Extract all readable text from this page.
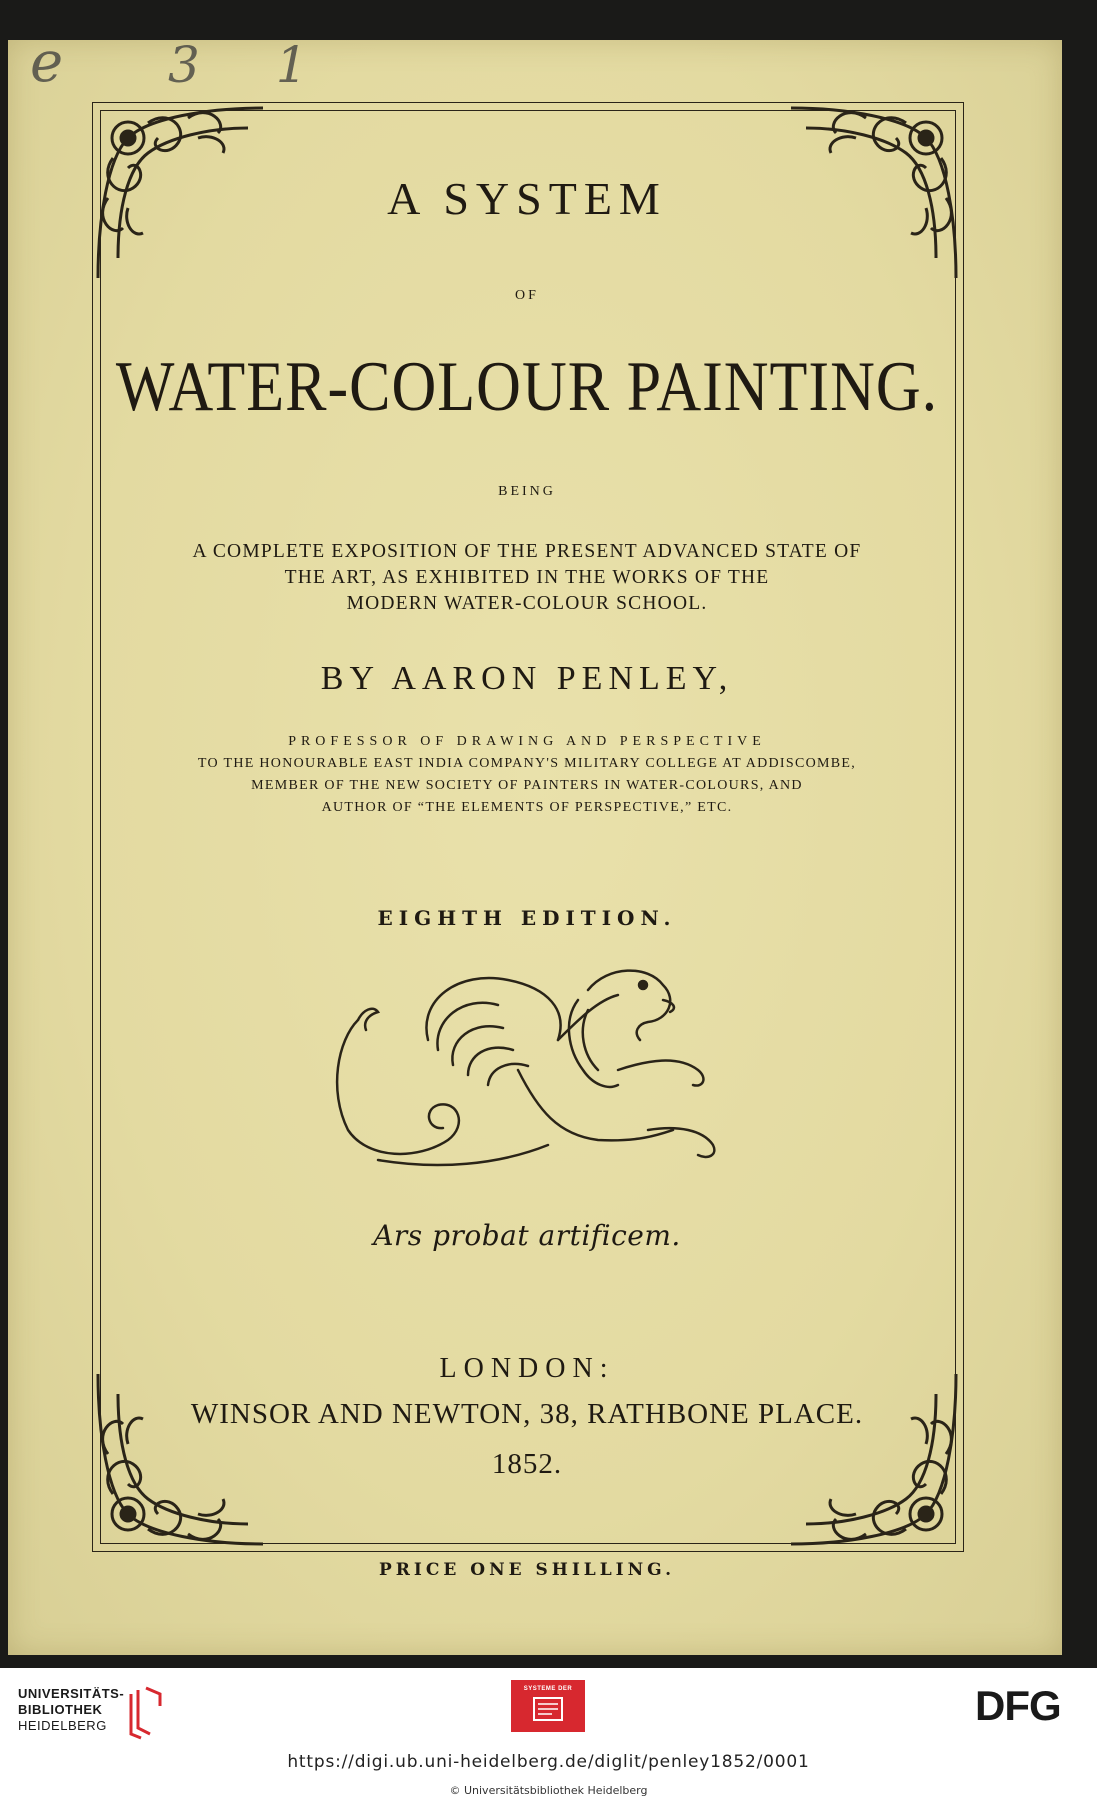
e 3 1
A SYSTEM
OF
WATER-COLOUR PAINTING.
BEING
A COMPLETE EXPOSITION OF THE PRESENT ADVANCED STATE OF
THE ART, AS EXHIBITED IN THE WORKS OF THE
MODERN WATER-COLOUR SCHOOL.
BY AARON PENLEY,
PROFESSOR OF DRAWING AND PERSPECTIVE
TO THE HONOURABLE EAST INDIA COMPANY'S MILITARY COLLEGE AT ADDISCOMBE,
MEMBER OF THE NEW SOCIETY OF PAINTERS IN WATER-COLOURS, AND
AUTHOR OF “THE ELEMENTS OF PERSPECTIVE,” ETC.
EIGHTH EDITION.
Ars probat artificem.
LONDON:
WINSOR AND NEWTON, 38, RATHBONE PLACE.
1852.
PRICE ONE SHILLING.
UNIVERSITÄTS-
BIBLIOTHEK
HEIDELBERG
SYSTEME DER	DFG
https://digi.ub.uni-heidelberg.de/diglit/penley1852/0001
© Universitätsbibliothek Heidelberg
